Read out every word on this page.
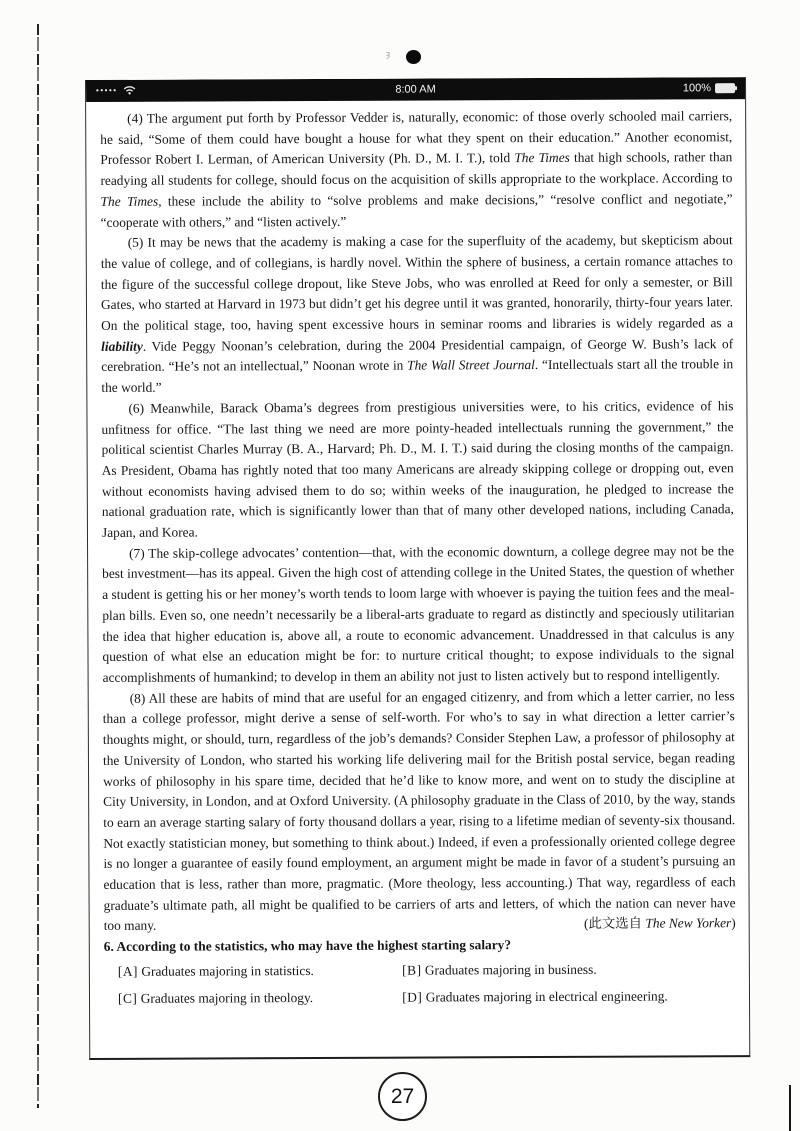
ȝ
•••••	8:00 AM	100%

(4) The argument put forth by Professor Vedder is, naturally, economic: of those overly schooled mail carriers, he said, “Some of them could have bought a house for what they spent on their education.” Another economist, Professor Robert I. Lerman, of American University (Ph. D., M. I. T.), told The Times that high schools, rather than readying all students for college, should focus on the acquisition of skills appropriate to the workplace. According to The Times, these include the ability to “solve problems and make decisions,” “resolve conflict and negotiate,” “cooperate with others,” and “listen actively.”

(5) It may be news that the academy is making a case for the superfluity of the academy, but skepticism about the value of college, and of collegians, is hardly novel. Within the sphere of business, a certain romance attaches to the figure of the successful college dropout, like Steve Jobs, who was enrolled at Reed for only a semester, or Bill Gates, who started at Harvard in 1973 but didn’t get his degree until it was granted, honorarily, thirty-four years later. On the political stage, too, having spent excessive hours in seminar rooms and libraries is widely regarded as a liability. Vide Peggy Noonan’s celebration, during the 2004 Presidential campaign, of George W. Bush’s lack of cerebration. “He’s not an intellectual,” Noonan wrote in The Wall Street Journal. “Intellectuals start all the trouble in the world.”

(6) Meanwhile, Barack Obama’s degrees from prestigious universities were, to his critics, evidence of his unfitness for office. “The last thing we need are more pointy-headed intellectuals running the government,” the political scientist Charles Murray (B. A., Harvard; Ph. D., M. I. T.) said during the closing months of the campaign. As President, Obama has rightly noted that too many Americans are already skipping college or dropping out, even without economists having advised them to do so; within weeks of the inauguration, he pledged to increase the national graduation rate, which is significantly lower than that of many other developed nations, including Canada, Japan, and Korea.

(7) The skip-college advocates’ contention—that, with the economic downturn, a college degree may not be the best investment—has its appeal. Given the high cost of attending college in the United States, the question of whether a student is getting his or her money’s worth tends to loom large with whoever is paying the tuition fees and the meal-plan bills. Even so, one needn’t necessarily be a liberal-arts graduate to regard as distinctly and speciously utilitarian the idea that higher education is, above all, a route to economic advancement. Unaddressed in that calculus is any question of what else an education might be for: to nurture critical thought; to expose individuals to the signal accomplishments of humankind; to develop in them an ability not just to listen actively but to respond intelligently.

(8) All these are habits of mind that are useful for an engaged citizenry, and from which a letter carrier, no less than a college professor, might derive a sense of self-worth. For who’s to say in what direction a letter carrier’s thoughts might, or should, turn, regardless of the job’s demands? Consider Stephen Law, a professor of philosophy at the University of London, who started his working life delivering mail for the British postal service, began reading works of philosophy in his spare time, decided that he’d like to know more, and went on to study the discipline at City University, in London, and at Oxford University. (A philosophy graduate in the Class of 2010, by the way, stands to earn an average starting salary of forty thousand dollars a year, rising to a lifetime median of seventy-six thousand. Not exactly statistician money, but something to think about.) Indeed, if even a professionally oriented college degree is no longer a guarantee of easily found employment, an argument might be made in favor of a student’s pursuing an education that is less, rather than more, pragmatic. (More theology, less accounting.) That way, regardless of each graduate’s ultimate path, all might be qualified to be carriers of arts and letters, of which the nation can never have too many.	(此文选自 The New Yorker)

6. According to the statistics, who may have the highest starting salary?

[A] Graduates majoring in statistics.	[B] Graduates majoring in business.
[C] Graduates majoring in theology.	[D] Graduates majoring in electrical engineering.
27
